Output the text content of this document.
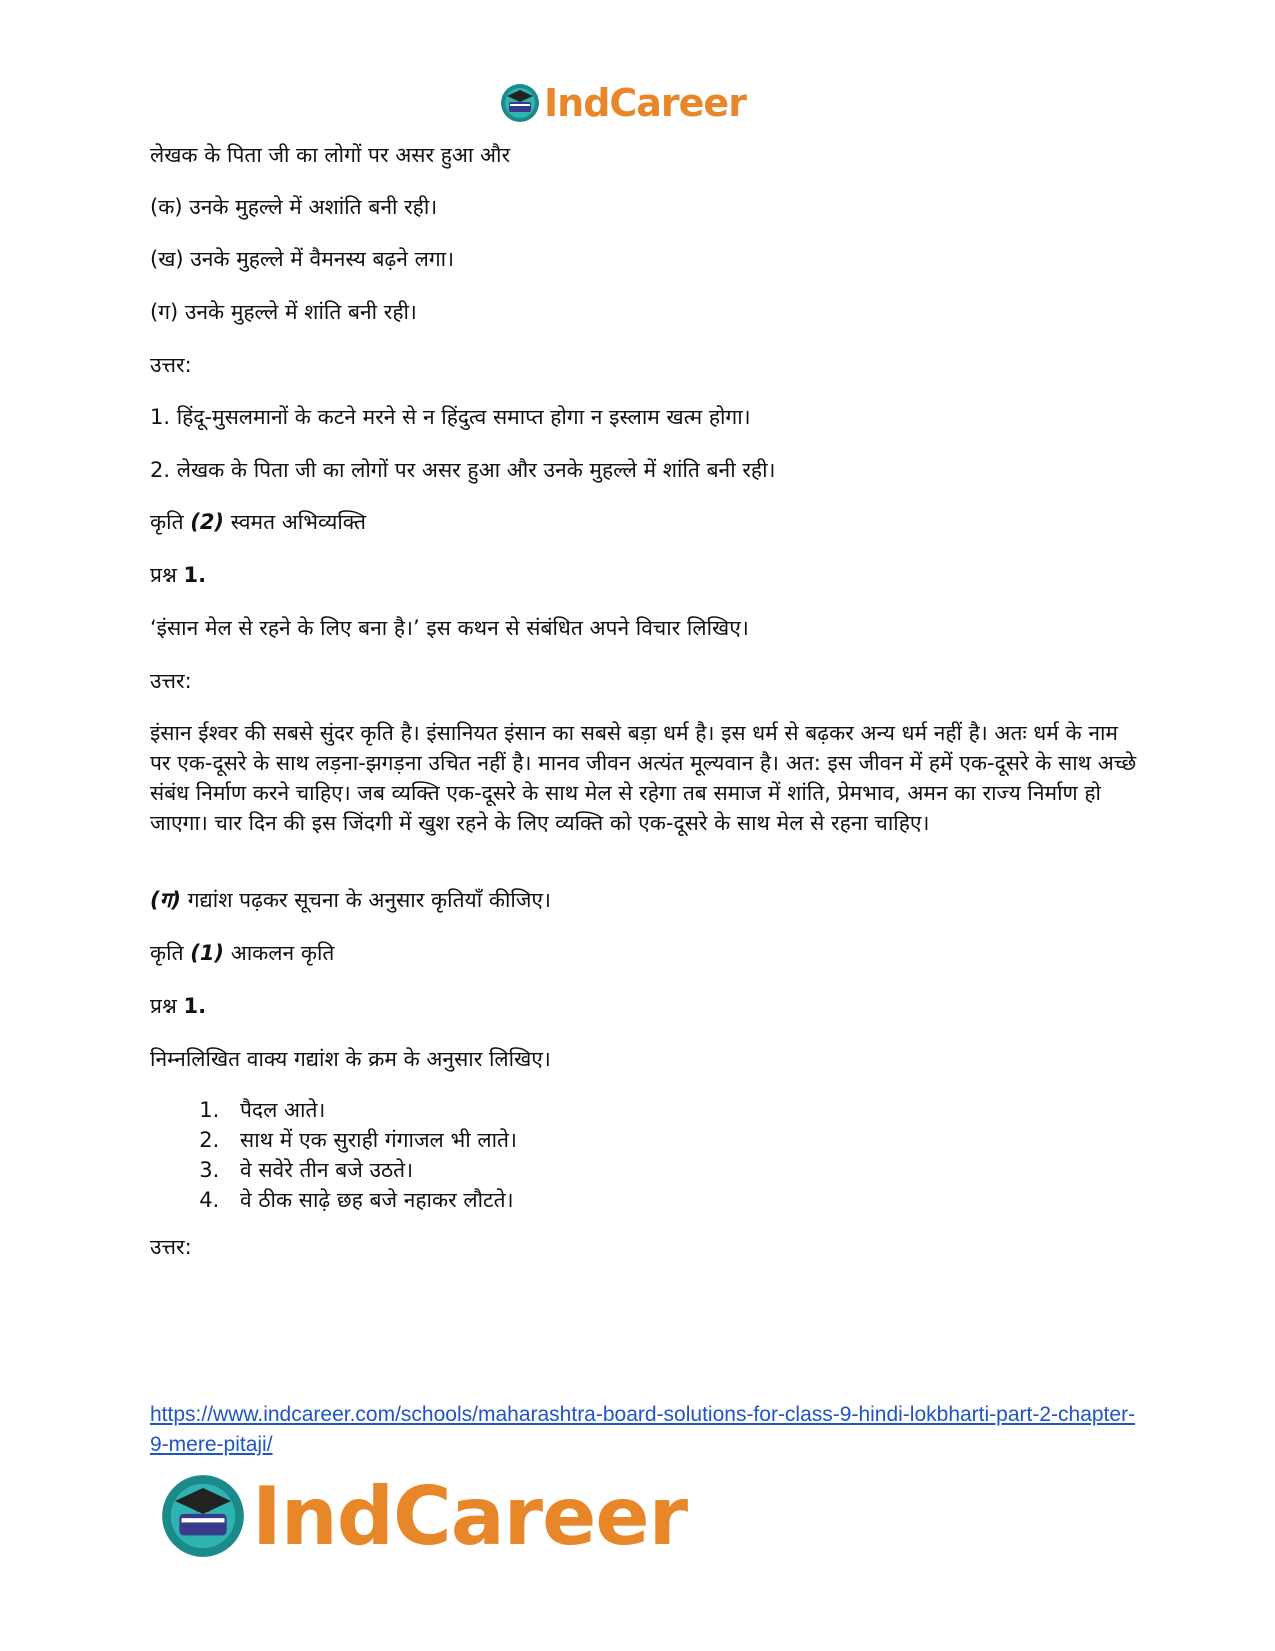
IndCareer
लेखक के पिता जी का लोगों पर असर हुआ और
(क) उनके मुहल्ले में अशांति बनी रही।
(ख) उनके मुहल्ले में वैमनस्य बढ़ने लगा।
(ग) उनके मुहल्ले में शांति बनी रही।
उत्तर:
1. हिंदू-मुसलमानों के कटने मरने से न हिंदुत्व समाप्त होगा न इस्लाम खत्म होगा।
2. लेखक के पिता जी का लोगों पर असर हुआ और उनके मुहल्ले में शांति बनी रही।
कृति (2) स्वमत अभिव्यक्ति
प्रश्न 1.
‘इंसान मेल से रहने के लिए बना है।’ इस कथन से संबंधित अपने विचार लिखिए।
उत्तर:
इंसान ईश्वर की सबसे सुंदर कृति है। इंसानियत इंसान का सबसे बड़ा धर्म है। इस धर्म से बढ़कर अन्य धर्म नहीं है। अतः धर्म के नाम पर एक-दूसरे के साथ लड़ना-झगड़ना उचित नहीं है। मानव जीवन अत्यंत मूल्यवान है। अत: इस जीवन में हमें एक-दूसरे के साथ अच्छे संबंध निर्माण करने चाहिए। जब व्यक्ति एक-दूसरे के साथ मेल से रहेगा तब समाज में शांति, प्रेमभाव, अमन का राज्य निर्माण हो जाएगा। चार दिन की इस जिंदगी में खुश रहने के लिए व्यक्ति को एक-दूसरे के साथ मेल से रहना चाहिए।
(ग) गद्यांश पढ़कर सूचना के अनुसार कृतियाँ कीजिए।
कृति (1) आकलन कृति
प्रश्न 1.
निम्नलिखित वाक्य गद्यांश के क्रम के अनुसार लिखिए।
1. पैदल आते।
2. साथ में एक सुराही गंगाजल भी लाते।
3. वे सवेरे तीन बजे उठते।
4. वे ठीक साढ़े छह बजे नहाकर लौटते।
उत्तर:
https://www.indcareer.com/schools/maharashtra-board-solutions-for-class-9-hindi-lokbharti-part-2-chapter-9-mere-pitaji/
IndCareer
